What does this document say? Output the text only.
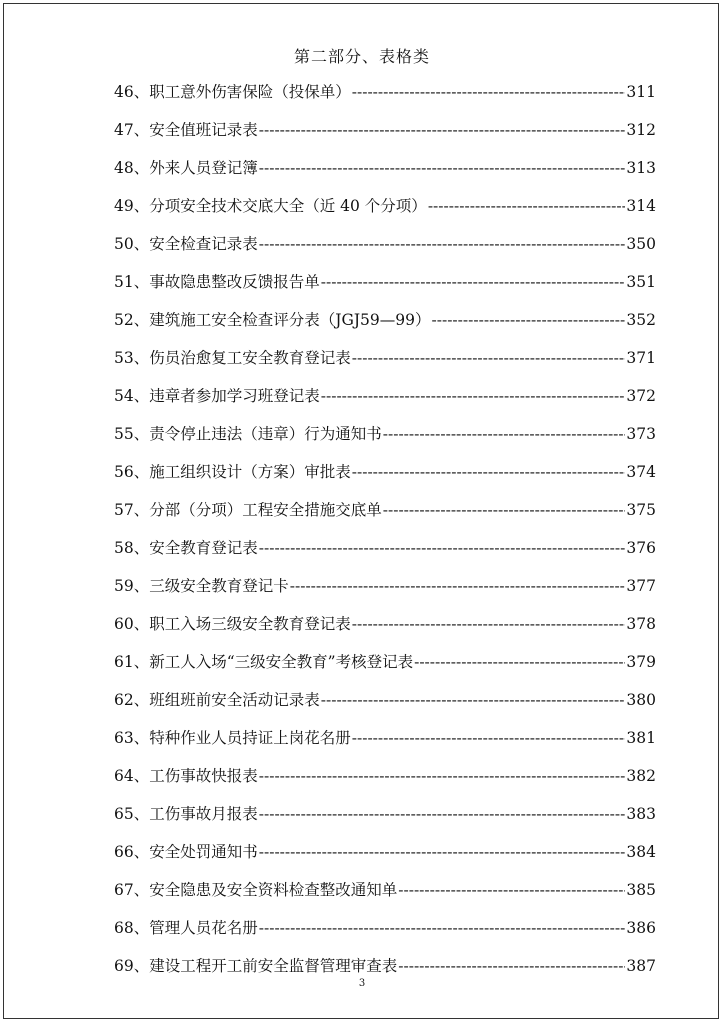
第二部分、表格类
46、职工意外伤害保险（投保单） -----	311
47、安全值班记录表 -----	312
48、外来人员登记簿 -----	313
49、分项安全技术交底大全（近 40 个分项） -----	314
50、安全检查记录表 -----	350
51、事故隐患整改反馈报告单 -----	351
52、建筑施工安全检查评分表（JGJ59—99） -----	352
53、伤员治愈复工安全教育登记表 -----	371
54、违章者参加学习班登记表 -----	372
55、责令停止违法（违章）行为通知书 -----	373
56、施工组织设计（方案）审批表 -----	374
57、分部（分项）工程安全措施交底单 -----	375
58、安全教育登记表 -----	376
59、三级安全教育登记卡 -----	377
60、职工入场三级安全教育登记表 -----	378
61、新工人入场“三级安全教育”考核登记表 -----	379
62、班组班前安全活动记录表 -----	380
63、特种作业人员持证上岗花名册 -----	381
64、工伤事故快报表 -----	382
65、工伤事故月报表 -----	383
66、安全处罚通知书 -----	384
67、安全隐患及安全资料检查整改通知单 -----	385
68、管理人员花名册 -----	386
69、建设工程开工前安全监督管理审查表 -----	387
3
